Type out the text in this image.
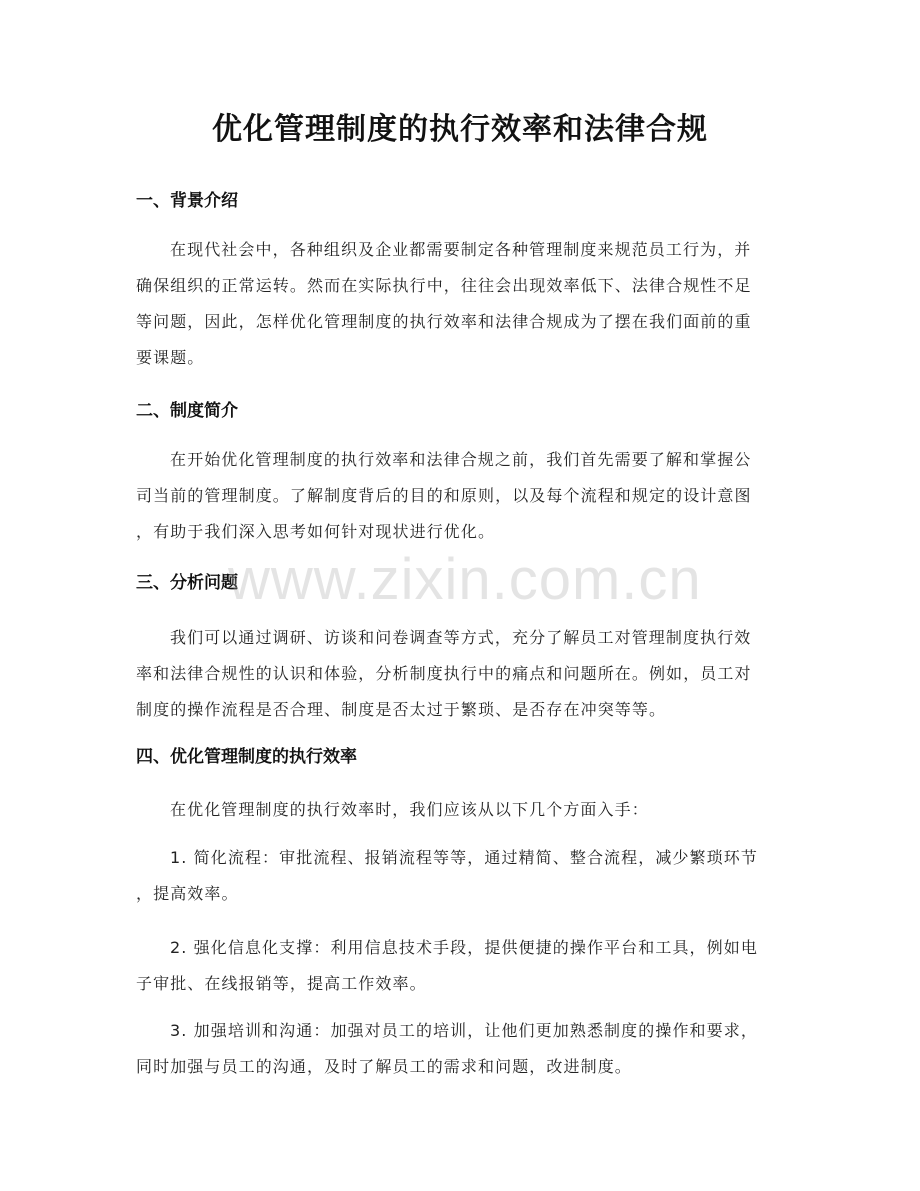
优化管理制度的执行效率和法律合规
一、背景介绍
在现代社会中，各种组织及企业都需要制定各种管理制度来规范员工行为，并
确保组织的正常运转。然而在实际执行中，往往会出现效率低下、法律合规性不足
等问题，因此，怎样优化管理制度的执行效率和法律合规成为了摆在我们面前的重
要课题。
二、制度简介
在开始优化管理制度的执行效率和法律合规之前，我们首先需要了解和掌握公
司当前的管理制度。了解制度背后的目的和原则，以及每个流程和规定的设计意图
，有助于我们深入思考如何针对现状进行优化。
三、分析问题
我们可以通过调研、访谈和问卷调查等方式，充分了解员工对管理制度执行效
率和法律合规性的认识和体验，分析制度执行中的痛点和问题所在。例如，员工对
制度的操作流程是否合理、制度是否太过于繁琐、是否存在冲突等等。
四、优化管理制度的执行效率
在优化管理制度的执行效率时，我们应该从以下几个方面入手：
1. 简化流程：审批流程、报销流程等等，通过精简、整合流程，减少繁琐环节
，提高效率。
2. 强化信息化支撑：利用信息技术手段，提供便捷的操作平台和工具，例如电
子审批、在线报销等，提高工作效率。
3. 加强培训和沟通：加强对员工的培训，让他们更加熟悉制度的操作和要求，
同时加强与员工的沟通，及时了解员工的需求和问题，改进制度。
www.zixin.com.cn
